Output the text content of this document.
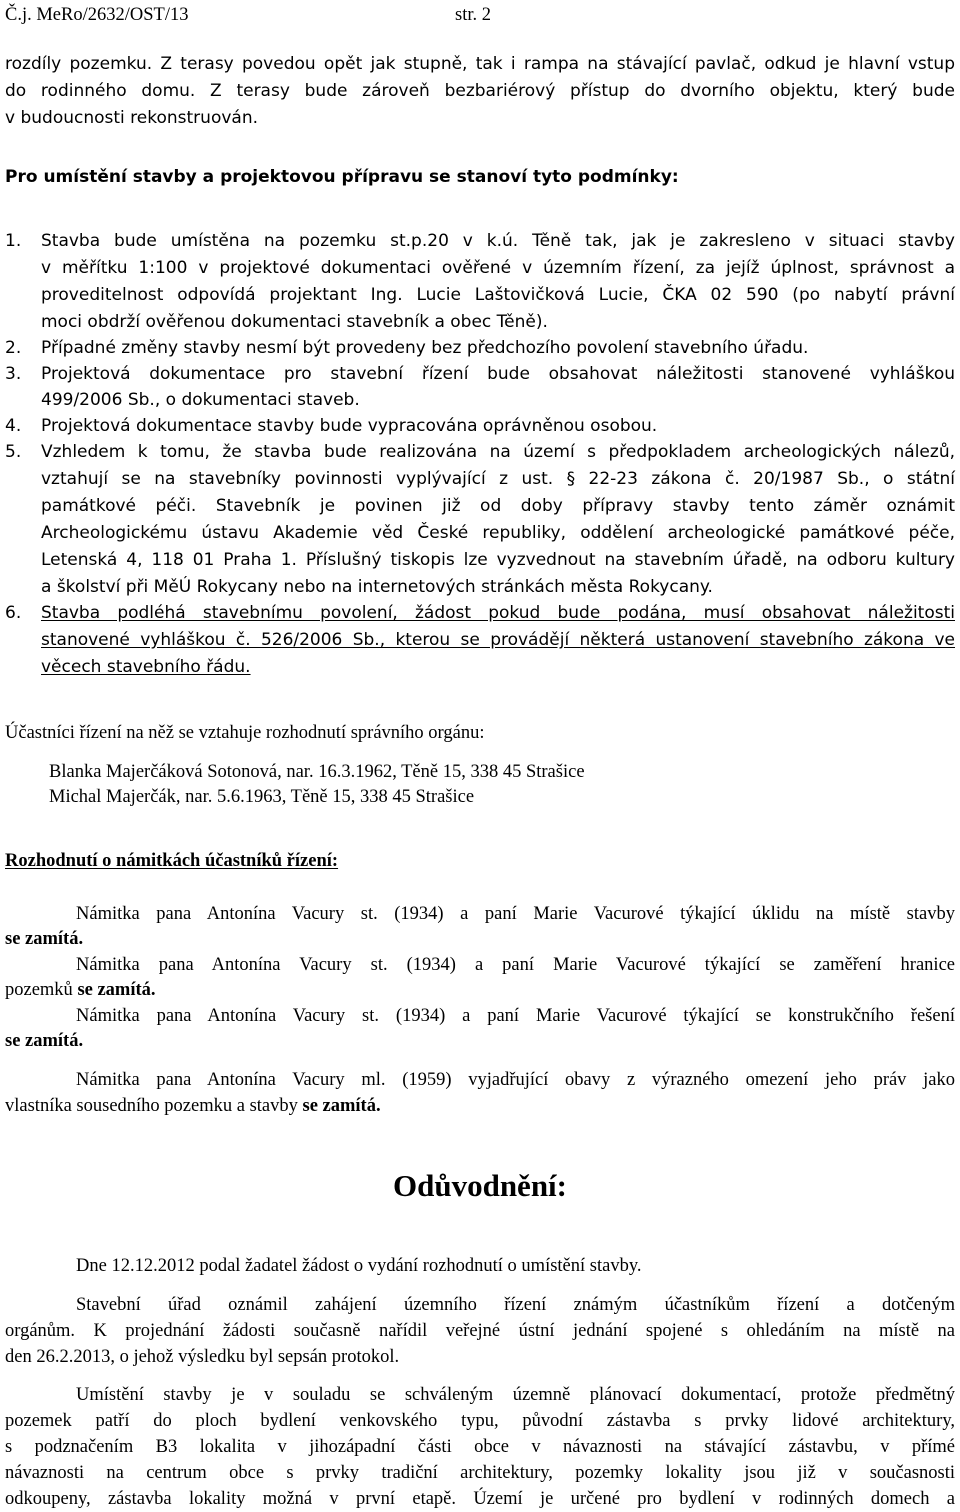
Č.j. MeRo/2632/OST/13	str. 2
rozdíly pozemku. Z terasy povedou opět jak stupně, tak i rampa na stávající pavlač, odkud je hlavní vstup
do rodinného domu. Z terasy bude zároveň bezbariérový přístup do dvorního objektu, který bude
v budoucnosti rekonstruován.
Pro umístění stavby a projektovou přípravu se stanoví tyto podmínky:
1.	Stavba bude umístěna na pozemku st.p.20 v k.ú. Těně tak, jak je zakresleno v situaci stavby
v měřítku 1:100 v projektové dokumentaci ověřené v územním řízení, za jejíž úplnost, správnost a
proveditelnost odpovídá projektant Ing. Lucie Laštovičková Lucie, ČKA 02 590 (po nabytí právní
moci obdrží ověřenou dokumentaci stavebník a obec Těně).
2.	Případné změny stavby nesmí být provedeny bez předchozího povolení stavebního úřadu.
3.	Projektová dokumentace pro stavební řízení bude obsahovat náležitosti stanovené vyhláškou
499/2006 Sb., o dokumentaci staveb.
4.	Projektová dokumentace stavby bude vypracována oprávněnou osobou.
5.	Vzhledem k tomu, že stavba bude realizována na území s předpokladem archeologických nálezů,
vztahují se na stavebníky povinnosti vyplývající z ust. § 22-23 zákona č. 20/1987 Sb., o státní
památkové péči. Stavebník je povinen již od doby přípravy stavby tento záměr oznámit
Archeologickému ústavu Akademie věd České republiky, oddělení archeologické památkové péče,
Letenská 4, 118 01 Praha 1. Příslušný tiskopis lze vyzvednout na stavebním úřadě, na odboru kultury
a školství při MěÚ Rokycany nebo na internetových stránkách města Rokycany.
6.	Stavba podléhá stavebnímu povolení, žádost pokud bude podána, musí obsahovat náležitosti
stanovené vyhláškou č. 526/2006 Sb., kterou se provádějí některá ustanovení stavebního zákona ve
věcech stavebního řádu.
Účastníci řízení na něž se vztahuje rozhodnutí správního orgánu:
Blanka Majerčáková Sotonová, nar. 16.3.1962, Těně 15, 338 45 Strašice
Michal Majerčák, nar. 5.6.1963, Těně 15, 338 45 Strašice
Rozhodnutí o námitkách účastníků řízení:
Námitka pana Antonína Vacury st. (1934) a paní Marie Vacurové týkající úklidu na místě stavby
se zamítá.
Námitka pana Antonína Vacury st. (1934) a paní Marie Vacurové týkající se zaměření hranice
pozemků se zamítá.
Námitka pana Antonína Vacury st. (1934) a paní Marie Vacurové týkající se konstrukčního řešení
se zamítá.
Námitka pana Antonína Vacury ml. (1959) vyjadřující obavy z výrazného omezení jeho práv jako
vlastníka sousedního pozemku a stavby se zamítá.
Odůvodnění:
Dne 12.12.2012 podal žadatel žádost o vydání rozhodnutí o umístění stavby.
Stavební úřad oznámil zahájení územního řízení známým účastníkům řízení a dotčeným
orgánům. K projednání žádosti současně nařídil veřejné ústní jednání spojené s ohledáním na místě na
den 26.2.2013, o jehož výsledku byl sepsán protokol.
Umístění stavby je v souladu se schváleným územně plánovací dokumentací, protože předmětný
pozemek patří do ploch bydlení venkovského typu, původní zástavba s prvky lidové architektury,
s podznačením B3 lokalita v jihozápadní části obce v návaznosti na stávající zástavbu, v přímé
návaznosti na centrum obce s prvky tradiční architektury, pozemky lokality jsou již v současnosti
odkoupeny, zástavba lokality možná v první etapě. Území je určené pro bydlení v rodinných domech a
